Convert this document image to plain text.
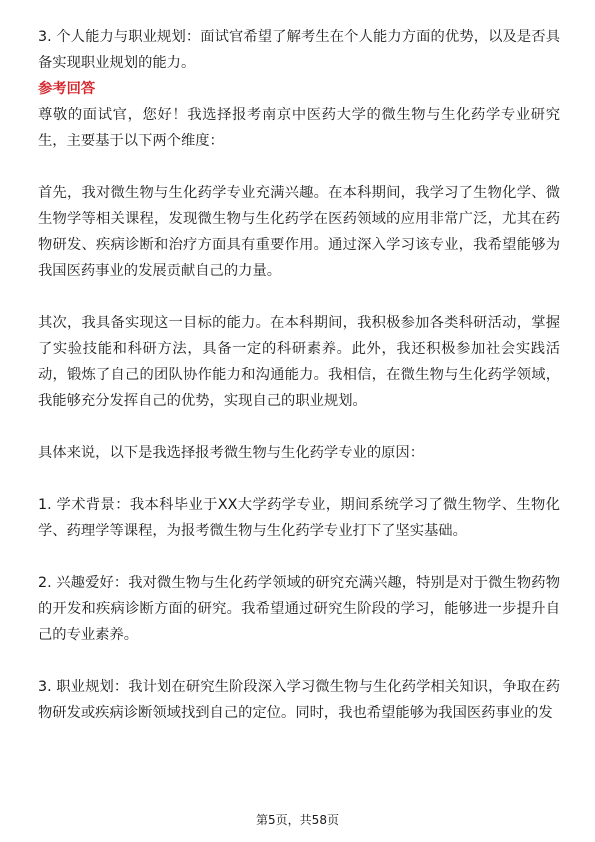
3. 个人能力与职业规划：面试官希望了解考生在个人能力方面的优势，以及是否具备实现职业规划的能力。

参考回答

尊敬的面试官，您好！我选择报考南京中医药大学的微生物与生化药学专业研究生，主要基于以下两个维度：

首先，我对微生物与生化药学专业充满兴趣。在本科期间，我学习了生物化学、微生物学等相关课程，发现微生物与生化药学在医药领域的应用非常广泛，尤其在药物研发、疾病诊断和治疗方面具有重要作用。通过深入学习该专业，我希望能够为我国医药事业的发展贡献自己的力量。

其次，我具备实现这一目标的能力。在本科期间，我积极参加各类科研活动，掌握了实验技能和科研方法，具备一定的科研素养。此外，我还积极参加社会实践活动，锻炼了自己的团队协作能力和沟通能力。我相信，在微生物与生化药学领域，我能够充分发挥自己的优势，实现自己的职业规划。

具体来说，以下是我选择报考微生物与生化药学专业的原因：

1. 学术背景：我本科毕业于XX大学药学专业，期间系统学习了微生物学、生物化学、药理学等课程，为报考微生物与生化药学专业打下了坚实基础。

2. 兴趣爱好：我对微生物与生化药学领域的研究充满兴趣，特别是对于微生物药物的开发和疾病诊断方面的研究。我希望通过研究生阶段的学习，能够进一步提升自己的专业素养。

3. 职业规划：我计划在研究生阶段深入学习微生物与生化药学相关知识，争取在药物研发或疾病诊断领域找到自己的定位。同时，我也希望能够为我国医药事业的发

第5页，共58页
